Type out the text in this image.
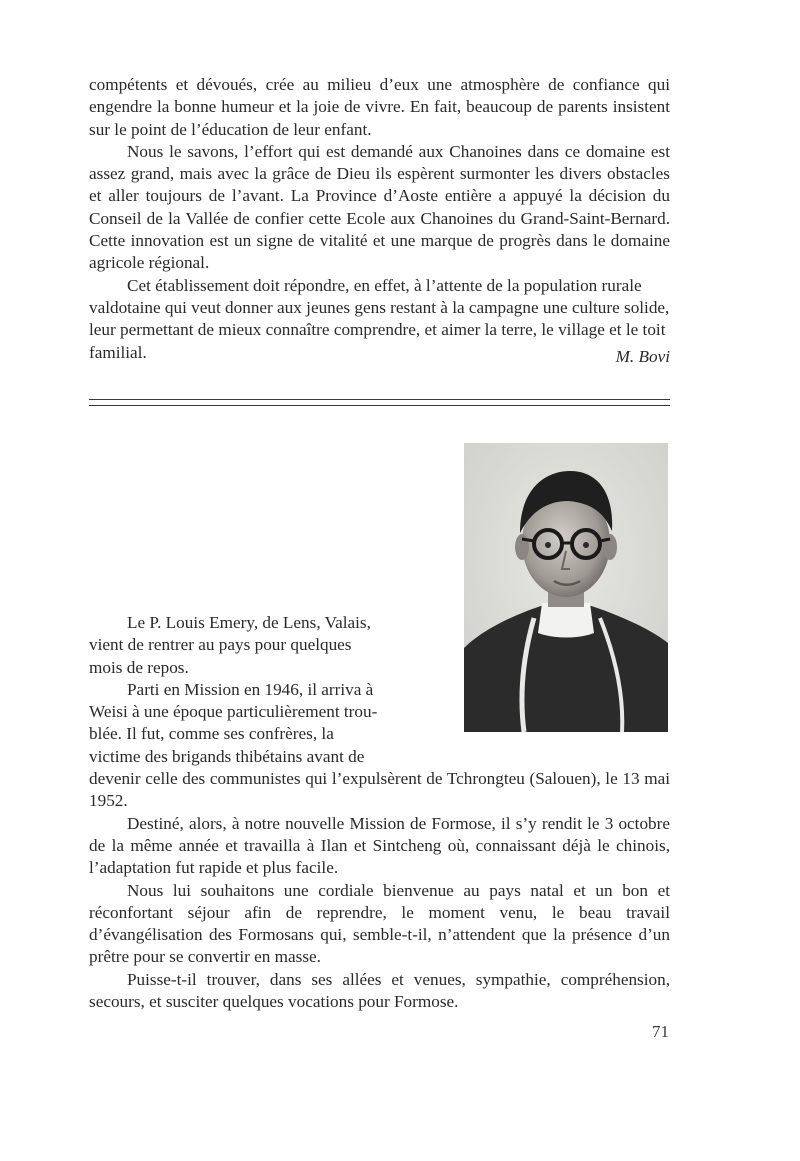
compétents et dévoués, crée au milieu d’eux une atmosphère de confiance qui engendre la bonne humeur et la joie de vivre. En fait, beaucoup de parents insistent sur le point de l’éducation de leur enfant.

Nous le savons, l’effort qui est demandé aux Chanoines dans ce domaine est assez grand, mais avec la grâce de Dieu ils espèrent surmonter les divers obstacles et aller toujours de l’avant. La Province d’Aoste entière a appuyé la décision du Conseil de la Vallée de confier cette Ecole aux Chanoines du Grand-Saint-Bernard. Cette innovation est un signe de vitalité et une marque de progrès dans le domaine agricole régional.

Cet établissement doit répondre, en effet, à l’attente de la population rurale valdotaine qui veut donner aux jeunes gens restant à la campagne une culture solide, leur permettant de mieux connaître comprendre, et aimer la terre, le village et le toit familial.	M. Bovi

Le P. Louis Emery, de Lens, Valais,
vient de rentrer au pays pour quelques
mois de repos.

Parti en Mission en 1946, il arriva à
Weisi à une époque particulièrement trou-
blée. Il fut, comme ses confrères, la
victime des brigands thibétains avant de

devenir celle des communistes qui l’expulsèrent de Tchrongteu (Salouen), le 13 mai 1952.

Destiné, alors, à notre nouvelle Mission de Formose, il s’y rendit le 3 octobre de la même année et travailla à Ilan et Sintcheng où, connaissant déjà le chinois, l’adaptation fut rapide et plus facile.

Nous lui souhaitons une cordiale bienvenue au pays natal et un bon et réconfortant séjour afin de reprendre, le moment venu, le beau travail d’évangélisation des Formosans qui, semble-t-il, n’attendent que la présence d’un prêtre pour se convertir en masse.

Puisse-t-il trouver, dans ses allées et venues, sympathie, compréhension, secours, et susciter quelques vocations pour Formose.

71
